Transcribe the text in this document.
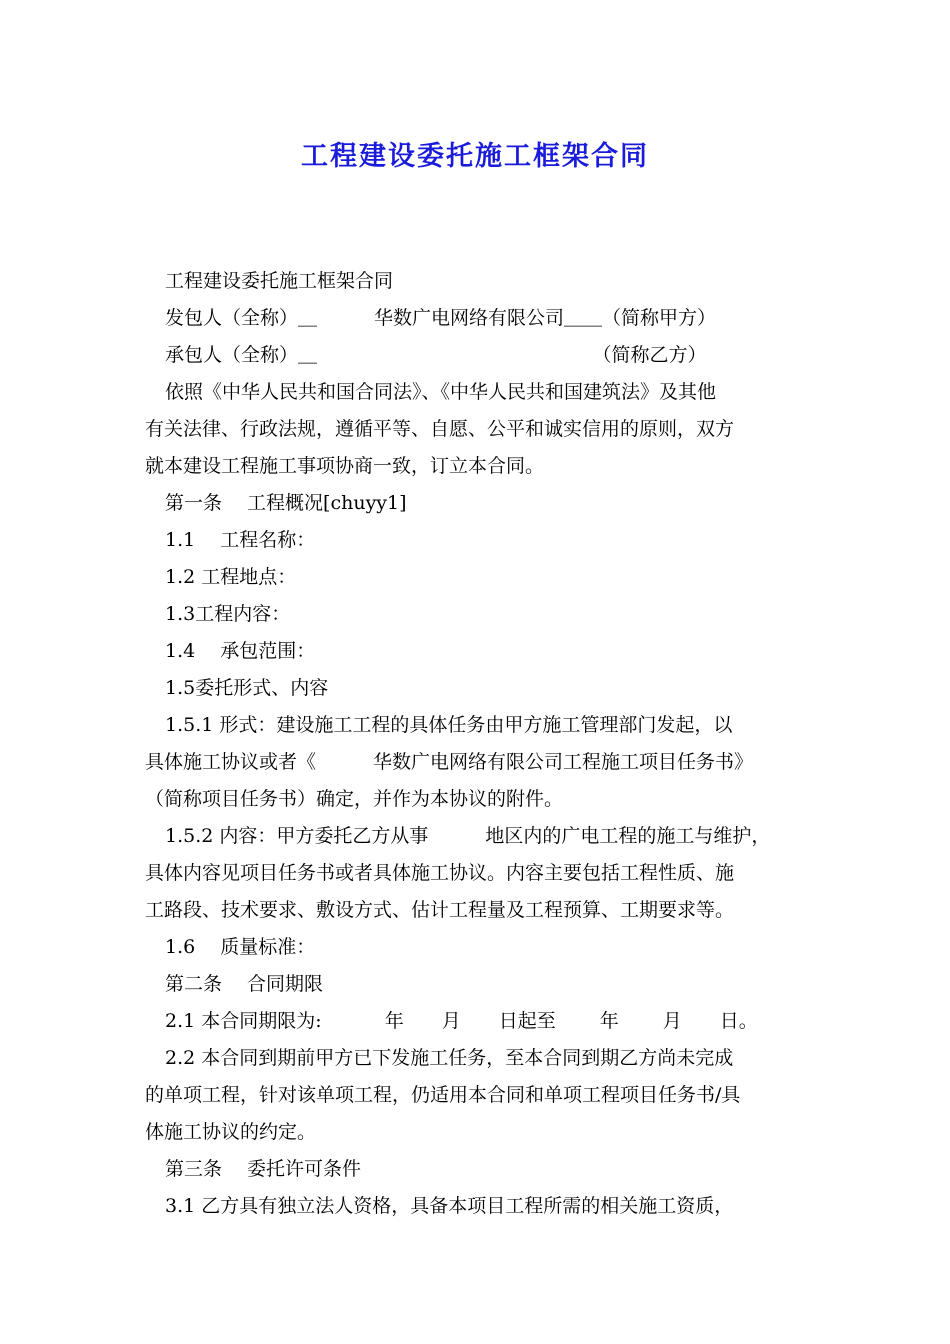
工程建设委托施工框架合同
工程建设委托施工框架合同
发包人（全称）＿　　　华数广电网络有限公司＿＿（简称甲方）
承包人（全称）＿　　　　　　　　　　　　　　　（简称乙方）
依照《中华人民共和国合同法》、《中华人民共和国建筑法》及其他
有关法律、行政法规，遵循平等、自愿、公平和诚实信用的原则，双方
就本建设工程施工事项协商一致，订立本合同。
第一条　 工程概况[chuyy1]
1.1　 工程名称：
1.2 工程地点：
1.3工程内容：
1.4　 承包范围：
1.5委托形式、内容
1.5.1 形式：建设施工工程的具体任务由甲方施工管理部门发起，以
具体施工协议或者《　　　华数广电网络有限公司工程施工项目任务书》
（简称项目任务书）确定，并作为本协议的附件。
1.5.2 内容：甲方委托乙方从事　　　地区内的广电工程的施工与维护，
具体内容见项目任务书或者具体施工协议。内容主要包括工程性质、施
工路段、技术要求、敷设方式、估计工程量及工程预算、工期要求等。
1.6　 质量标准：
第二条　 合同期限
2.1 本合同期限为:　　　 年　　月　　日起至　　 年　　 月　　日。
2.2 本合同到期前甲方已下发施工任务，至本合同到期乙方尚未完成
的单项工程，针对该单项工程，仍适用本合同和单项工程项目任务书/具
体施工协议的约定。
第三条　 委托许可条件
3.1 乙方具有独立法人资格，具备本项目工程所需的相关施工资质，
